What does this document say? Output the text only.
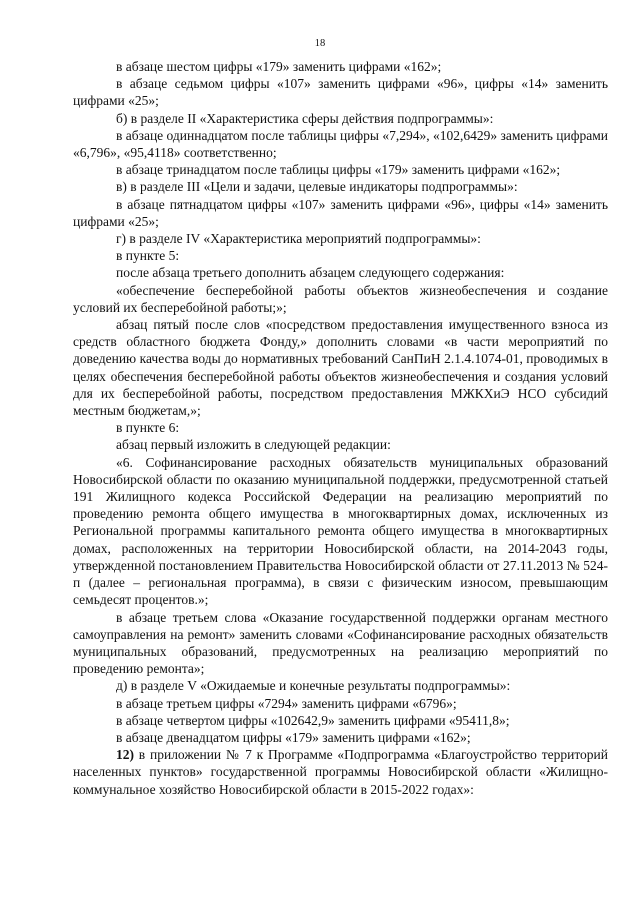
18

в абзаце шестом цифры «179» заменить цифрами «162»;

в абзаце седьмом цифры «107» заменить цифрами «96», цифры «14» заменить цифрами «25»;

б) в разделе II «Характеристика сферы действия подпрограммы»:

в абзаце одиннадцатом после таблицы цифры «7,294», «102,6429» заменить цифрами «6,796», «95,4118» соответственно;

в абзаце тринадцатом после таблицы цифры «179» заменить цифрами «162»;

в) в разделе III «Цели и задачи, целевые индикаторы подпрограммы»:

в абзаце пятнадцатом цифры «107» заменить цифрами «96», цифры «14» заменить цифрами «25»;

г) в разделе IV «Характеристика мероприятий подпрограммы»:

в пункте 5:

после абзаца третьего дополнить абзацем следующего содержания:

«обеспечение бесперебойной работы объектов жизнеобеспечения и создание условий их бесперебойной работы;»;

абзац пятый после слов «посредством предоставления имущественного взноса из средств областного бюджета Фонду,» дополнить словами «в части мероприятий по доведению качества воды до нормативных требований СанПиН 2.1.4.1074-01, проводимых в целях обеспечения бесперебойной работы объектов жизнеобеспечения и создания условий для их бесперебойной работы, посредством предоставления МЖКХиЭ НСО субсидий местным бюджетам,»;

в пункте 6:

абзац первый изложить в следующей редакции:

«6. Софинансирование расходных обязательств муниципальных образований Новосибирской области по оказанию муниципальной поддержки, предусмотренной статьей 191 Жилищного кодекса Российской Федерации на реализацию мероприятий по проведению ремонта общего имущества в многоквартирных домах, исключенных из Региональной программы капитального ремонта общего имущества в многоквартирных домах, расположенных на территории Новосибирской области, на 2014-2043 годы, утвержденной постановлением Правительства Новосибирской области от 27.11.2013 № 524-п (далее – региональная программа), в связи с физическим износом, превышающим семьдесят процентов.»;

в абзаце третьем слова «Оказание государственной поддержки органам местного самоуправления на ремонт» заменить словами «Софинансирование расходных обязательств муниципальных образований, предусмотренных на реализацию мероприятий по проведению ремонта»;

д) в разделе V «Ожидаемые и конечные результаты подпрограммы»:

в абзаце третьем цифры «7294» заменить цифрами «6796»;

в абзаце четвертом цифры «102642,9» заменить цифрами «95411,8»;

в абзаце двенадцатом цифры «179» заменить цифрами «162»;

12) в приложении № 7 к Программе «Подпрограмма «Благоустройство территорий населенных пунктов» государственной программы Новосибирской области «Жилищно-коммунальное хозяйство Новосибирской области в 2015-2022 годах»:
